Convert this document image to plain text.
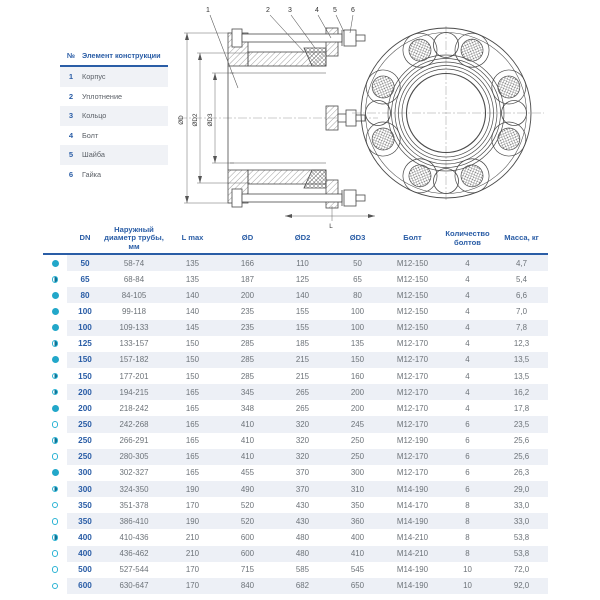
№ Элемент конструкции
1	Корпус
2	Уплотнение
3	Кольцо
4	Болт
5	Шайба
6	Гайка
1	2	3	4 5 6
ØD ØD2 ØD3
L
DN
Наружный диаметр трубы, мм
L max	ØD	ØD2	ØD3	Болт	Количество болтов	Масса, кг
50	58-74	135	166	110	50	M12-150	4	4,7
65	68-84	135	187	125	65	M12-150	4	5,4
80	84-105	140	200	140	80	M12-150	4	6,6
100	99-118	140	235	155	100	M12-150	4	7,0
100	109-133	145	235	155	100	M12-150	4	7,8
125	133-157	150	285	185	135	M12-170	4	12,3
150	157-182	150	285	215	150	M12-170	4	13,5
150	177-201	150	285	215	160	M12-170	4	13,5
200	194-215	165	345	265	200	M12-170	4	16,2
200	218-242	165	348	265	200	M12-170	4	17,8
250	242-268	165	410	320	245	M12-170	6	23,5
250	266-291	165	410	320	250	M12-190	6	25,6
250	280-305	165	410	320	250	M12-170	6	25,6
300	302-327	165	455	370	300	M12-170	6	26,3
300	324-350	190	490	370	310	M14-190	6	29,0
350	351-378	170	520	430	350	M14-170	8	33,0
350	386-410	190	520	430	360	M14-190	8	33,0
400	410-436	210	600	480	400	M14-210	8	53,8
400	436-462	210	600	480	410	M14-210	8	53,8
500	527-544	170	715	585	545	M14-190	10	72,0
600	630-647	170	840	682	650	M14-190	10	92,0
